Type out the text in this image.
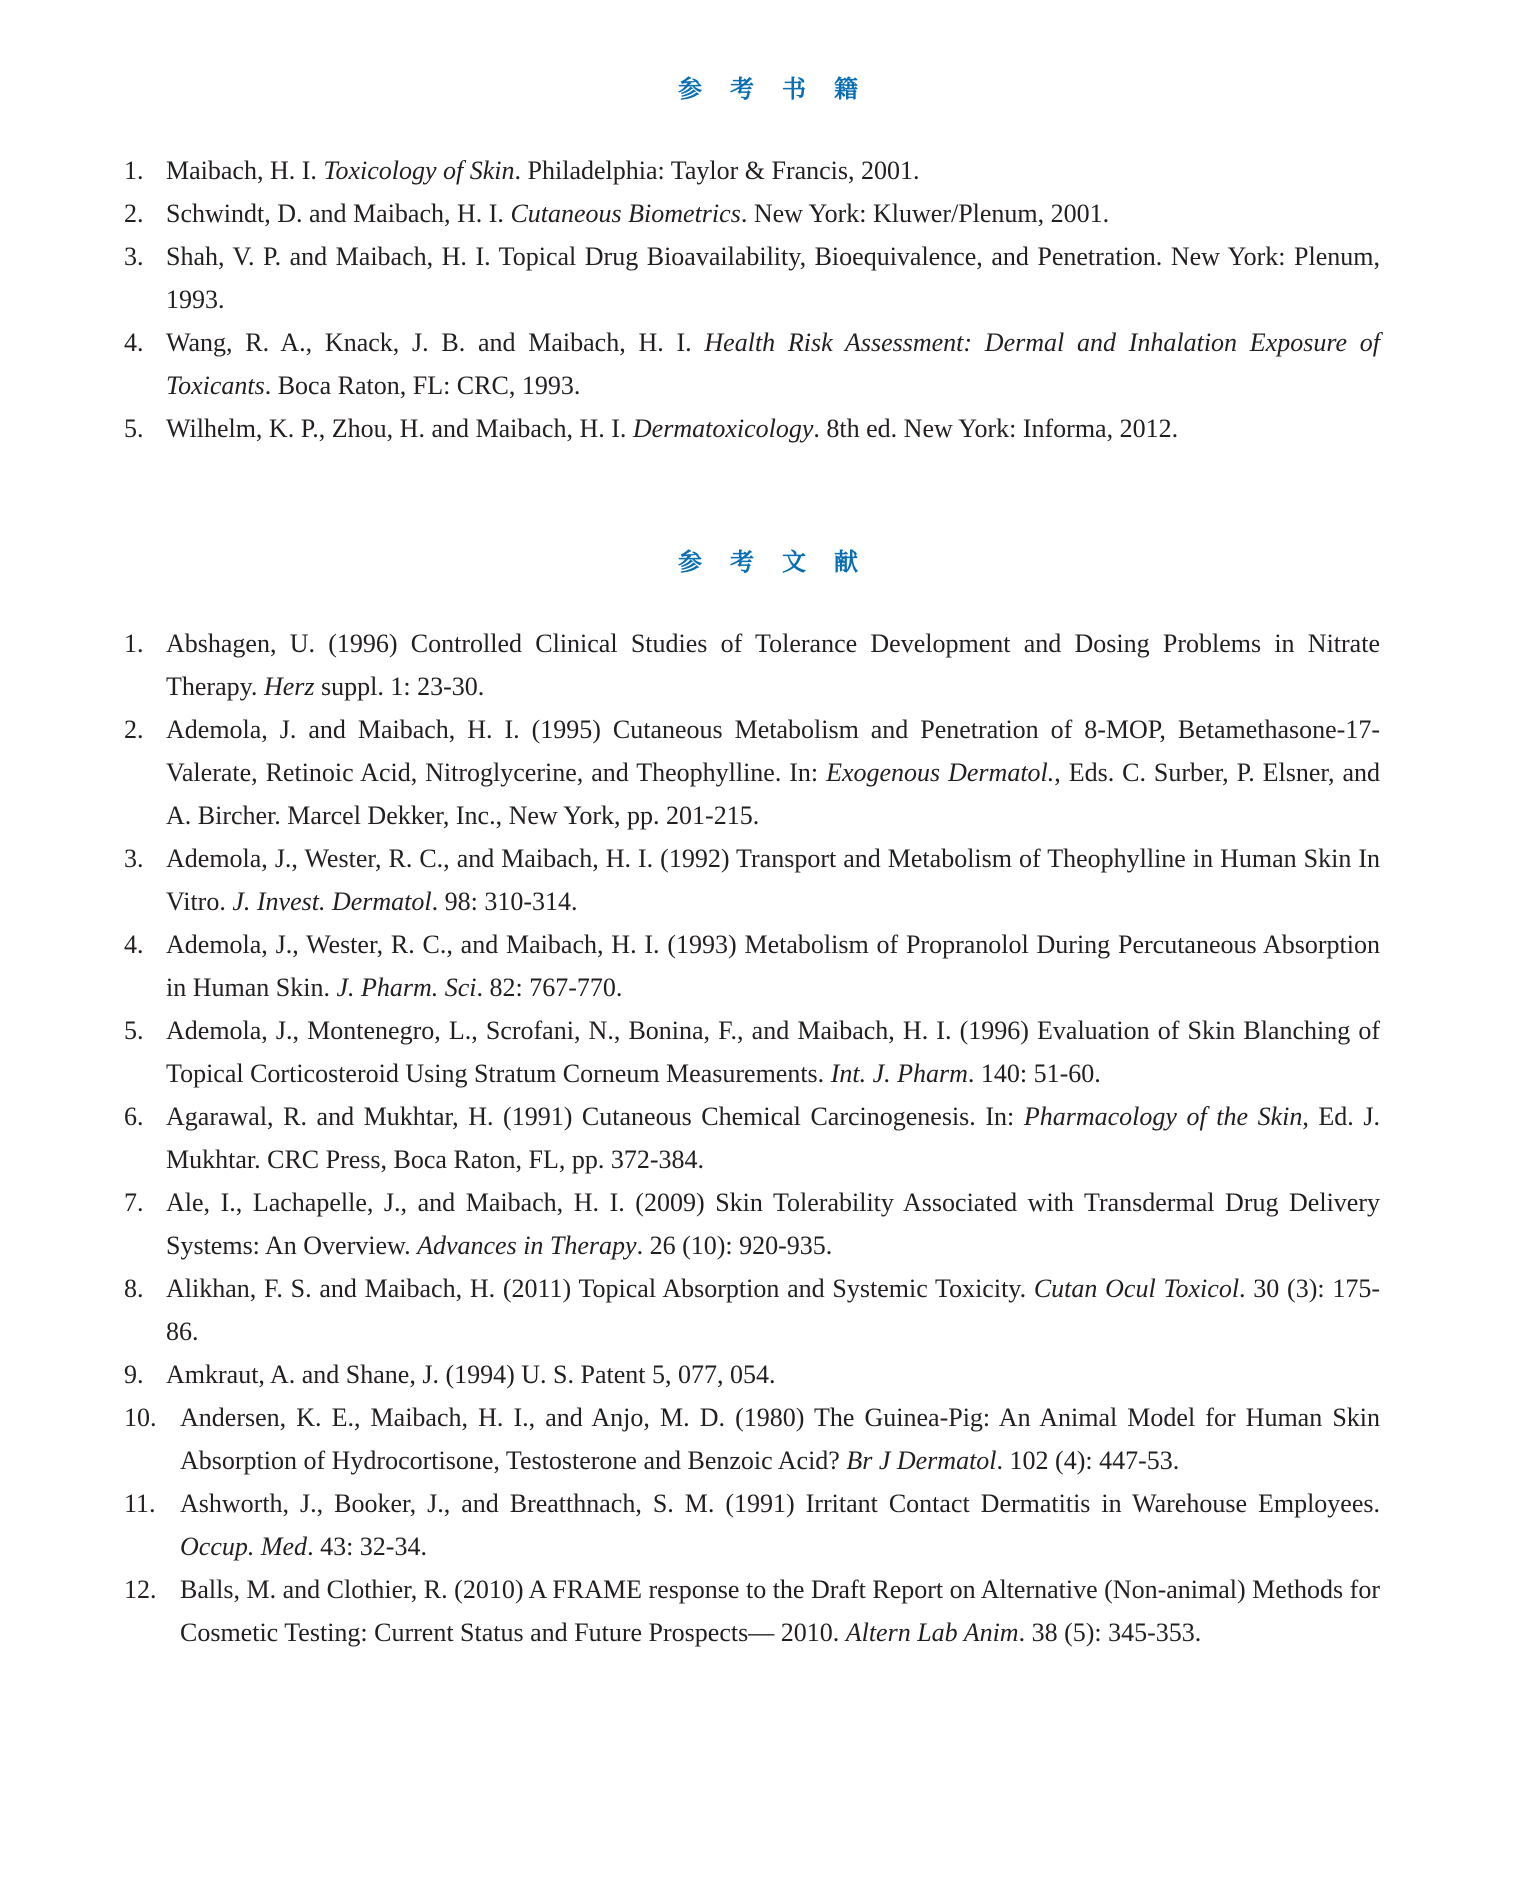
参考书籍
1. Maibach, H. I. Toxicology of Skin. Philadelphia: Taylor & Francis, 2001.
2. Schwindt, D. and Maibach, H. I. Cutaneous Biometrics. New York: Kluwer/Plenum, 2001.
3. Shah, V. P. and Maibach, H. I. Topical Drug Bioavailability, Bioequivalence, and Penetration. New York: Plenum, 1993.
4. Wang, R. A., Knack, J. B. and Maibach, H. I. Health Risk Assessment: Dermal and Inhalation Exposure of Toxicants. Boca Raton, FL: CRC, 1993.
5. Wilhelm, K. P., Zhou, H. and Maibach, H. I. Dermatoxicology. 8th ed. New York: Informa, 2012.
参考文献
1. Abshagen, U. (1996) Controlled Clinical Studies of Tolerance Development and Dosing Problems in Nitrate Therapy. Herz suppl. 1: 23-30.
2. Ademola, J. and Maibach, H. I. (1995) Cutaneous Metabolism and Penetration of 8-MOP, Betamethasone-17-Valerate, Retinoic Acid, Nitroglycerine, and Theophylline. In: Exogenous Dermatol., Eds. C. Surber, P. Elsner, and A. Bircher. Marcel Dekker, Inc., New York, pp. 201-215.
3. Ademola, J., Wester, R. C., and Maibach, H. I. (1992) Transport and Metabolism of Theophylline in Human Skin In Vitro. J. Invest. Dermatol. 98: 310-314.
4. Ademola, J., Wester, R. C., and Maibach, H. I. (1993) Metabolism of Propranolol During Percutaneous Absorption in Human Skin. J. Pharm. Sci. 82: 767-770.
5. Ademola, J., Montenegro, L., Scrofani, N., Bonina, F., and Maibach, H. I. (1996) Evaluation of Skin Blanching of Topical Corticosteroid Using Stratum Corneum Measurements. Int. J. Pharm. 140: 51-60.
6. Agarawal, R. and Mukhtar, H. (1991) Cutaneous Chemical Carcinogenesis. In: Pharmacology of the Skin, Ed. J. Mukhtar. CRC Press, Boca Raton, FL, pp. 372-384.
7. Ale, I., Lachapelle, J., and Maibach, H. I. (2009) Skin Tolerability Associated with Transdermal Drug Delivery Systems: An Overview. Advances in Therapy. 26 (10): 920-935.
8. Alikhan, F. S. and Maibach, H. (2011) Topical Absorption and Systemic Toxicity. Cutan Ocul Toxicol. 30 (3): 175-86.
9. Amkraut, A. and Shane, J. (1994) U. S. Patent 5, 077, 054.
10. Andersen, K. E., Maibach, H. I., and Anjo, M. D. (1980) The Guinea-Pig: An Animal Model for Human Skin Absorption of Hydrocortisone, Testosterone and Benzoic Acid? Br J Dermatol. 102 (4): 447-53.
11. Ashworth, J., Booker, J., and Breatthnach, S. M. (1991) Irritant Contact Dermatitis in Warehouse Employees. Occup. Med. 43: 32-34.
12. Balls, M. and Clothier, R. (2010) A FRAME response to the Draft Report on Alternative (Non-animal) Methods for Cosmetic Testing: Current Status and Future Prospects— 2010. Altern Lab Anim. 38 (5): 345-353.
